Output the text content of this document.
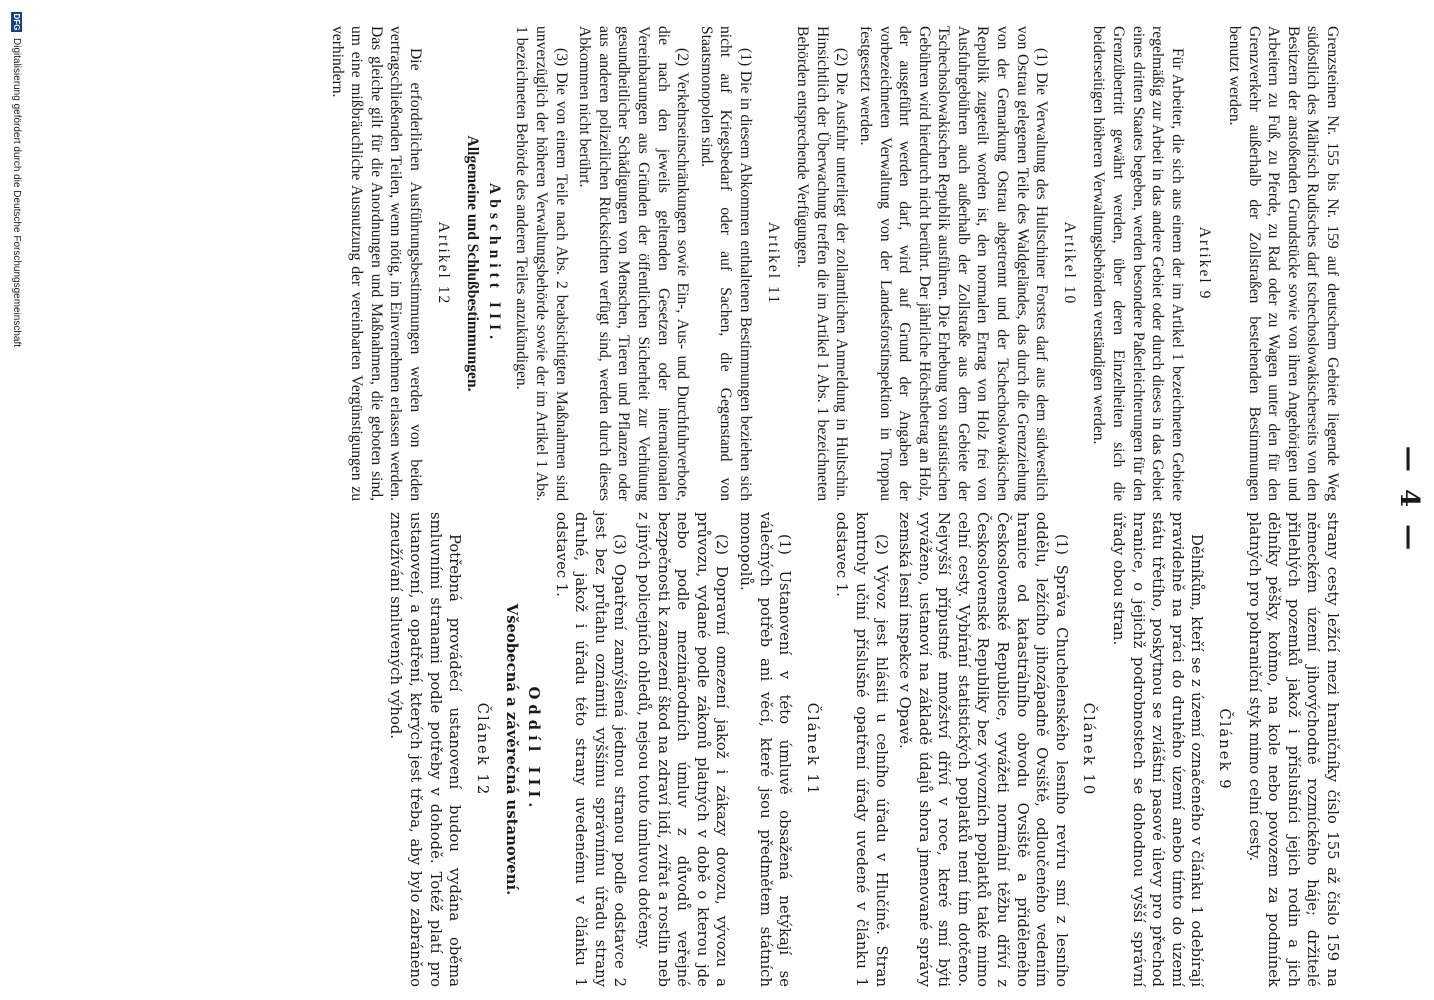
— 4 —

Grenzsteinen Nr. 155 bis Nr. 159 auf deutschem Gebiete liegende Weg südöstlich des Mährisch Rudisches darf tschechoslowakischerseits von den Besitzern der anstoßenden Grundstücke sowie von ihren Angehörigen und Arbeitern zu Fuß, zu Pferde, zu Rad oder zu Wagen unter den für den Grenzverkehr außerhalb der Zollstraßen bestehenden Bestimmungen benutzt werden.

Artikel 9

Für Arbeiter, die sich aus einem der im Artikel 1 bezeichneten Gebiete regelmäßig zur Arbeit in das andere Gebiet oder durch dieses in das Gebiet eines dritten Staates begeben, werden besondere Paßerleichterungen für den Grenzübertritt gewährt werden, über deren Einzelheiten sich die beiderseitigen höheren Verwaltungsbehörden verständigen werden.

Artikel 10

(1) Die Verwaltung des Hultschiner Forstes darf aus dem südwestlich von Ostrau gelegenen Teile des Waldgeländes, das durch die Grenzziehung von der Gemarkung Ostrau abgetrennt und der Tschechoslowakischen Republik zugeteilt worden ist, den normalen Ertrag von Holz frei von Ausfuhrgebühren auch außerhalb der Zollstraße aus dem Gebiete der Tschechoslowakischen Republik ausführen. Die Erhebung von statistischen Gebühren wird hierdurch nicht berührt. Der jährliche Höchstbetrag an Holz, der ausgeführt werden darf, wird auf Grund der Angaben der vorbezeichneten Verwaltung von der Landesforstinspektion in Troppau festgesetzt werden.

(2) Die Ausfuhr unterliegt der zollamtlichen Anmeldung in Hultschin. Hinsichtlich der Überwachung treffen die im Artikel 1 Abs. 1 bezeichneten Behörden entsprechende Verfügungen.

Artikel 11

(1) Die in diesem Abkommen enthaltenen Bestimmungen beziehen sich nicht auf Kriegsbedarf oder auf Sachen, die Gegenstand von Staatsmonopolen sind.

(2) Verkehrseinschränkungen sowie Ein-, Aus- und Durchfuhrverbote, die nach den jeweils geltenden Gesetzen oder internationalen Vereinbarungen aus Gründen der öffentlichen Sicherheit zur Verhütung gesundheitlicher Schädigungen von Menschen, Tieren und Pflanzen oder aus anderen polizeilichen Rücksichten verfügt sind, werden durch dieses Abkommen nicht berührt.

(3) Die von einem Teile nach Abs. 2 beabsichtigten Maßnahmen sind unverzüglich der höheren Verwaltungsbehörde sowie der im Artikel 1 Abs. 1 bezeichneten Behörde des anderen Teiles anzukündigen.

Abschnitt III.
Allgemeine und Schlußbestimmungen.
Artikel 12

Die erforderlichen Ausführungsbestimmungen werden von beiden vertragschließenden Teilen, wenn nötig, im Einvernehmen erlassen werden. Das gleiche gilt für die Anordnungen und Maßnahmen, die geboten sind, um eine mißbräuchliche Ausnutzung der vereinbarten Vergünstigungen zu verhindern.

strany cesty ležící mezi hraničníky číslo 155 až číslo 159 na německém území jihovýchodně rozmíckého háje; držitelé přilehlých pozemků jakož i příslušníci jejich rodin a jich dělníky pěšky, koňmo, na kole nebo povozem za podmínek platných pro pohraniční styk mimo celní cesty.

Článek 9

Dělníkům, kteří se z území označeného v článku 1 odebírají pravidelně na práci do druhého území anebo tímto do území státu třetího, poskytnou se zvláštní pasové úlevy pro přechod hranice, o jejichž podrobnostech se dohodnou vyšší správní úřady obou stran.

Článek 10

(1) Správa Chuchelenského lesního revíru smí z lesního oddělu, ležícího jihozápadně Ovsiště, odloučeného vedením hranice od katastrálního obvodu Ovsiště a přiděleného Československé Republice, vyvážeti normální těžbu dříví z Československé Republiky bez vývozních poplatků také mimo celní cesty. Vybírání statistických poplatků není tím dotčeno. Nejvyšší přípustné množství dříví v roce, které smí býti vyváženo, ustanoví na základě údajů shora jmenované správy zemská lesní inspekce v Opavě.

(2) Vývoz jest hlásiti u celního úřadu v Hlučíně. Stran kontroly učiní příslušné opatření úřady uvedené v článku 1 odstavec 1.

Článek 11

(1) Ustanovení v této úmluvě obsažená netýkají se válečných potřeb ani věcí, které jsou předmětem státních monopolů.

(2) Dopravní omezení jakož i zákazy dovozu, vývozu a průvozu, vydané podle zákonů platných v době o kterou jde nebo podle mezinárodních úmluv z důvodů veřejné bezpečnosti k zamezení škod na zdraví lidí, zvířat a rostlin neb z jiných policejních ohledů, nejsou touto úmluvou dotčeny.

(3) Opatření zamýšlená jednou stranou podle odstavce 2 jest bez průtahu oznámiti vyššímu správnímu úřadu strany druhé, jakož i úřadu této strany uvedenému v článku 1 odstavec 1.

Oddíl III.
Všeobecná a závěrečná ustanovení.
Článek 12

Potřebná prováděcí ustanovení budou vydána oběma smluvními stranami podle potřeby v dohodě. Totéž platí pro ustanovení, a opatření, kterých jest třeba, aby bylo zabráněno zneužívání smluvených výhod.

DFGDigitalisierung gefördert durch die Deutsche Forschungsgemeinschaft
